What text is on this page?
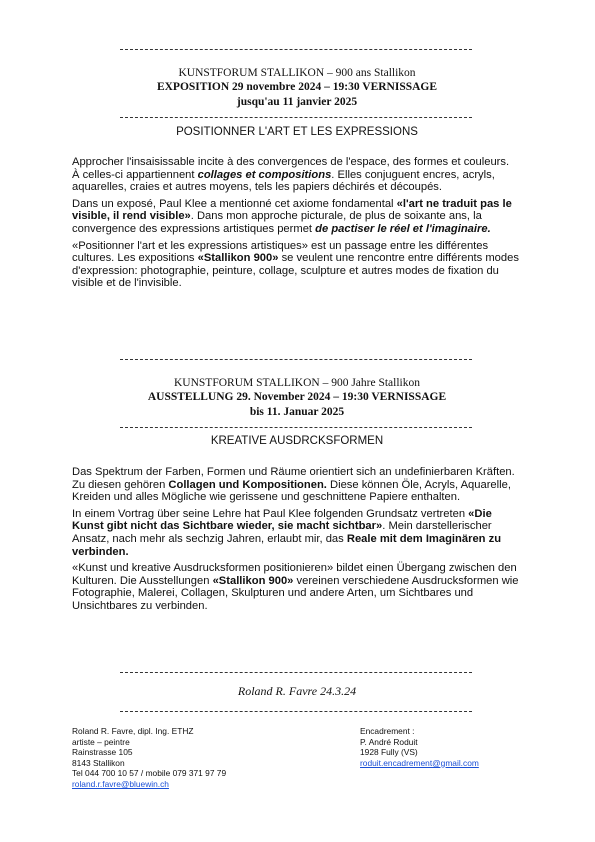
KUNSTFORUM STALLIKON – 900 ans Stallikon
EXPOSITION 29 novembre 2024 – 19:30 VERNISSAGE
jusqu'au 11 janvier 2025
POSITIONNER L'ART ET LES EXPRESSIONS

Approcher l'insaisissable incite à des convergences de l'espace, des formes et couleurs.

À celles-ci appartiennent collages et compositions. Elles conjuguent encres, acryls, aquarelles, craies et autres moyens, tels les papiers déchirés et découpés.

Dans un exposé, Paul Klee a mentionné cet axiome fondamental «l'art ne traduit pas le visible, il rend visible». Dans mon approche picturale, de plus de soixante ans, la convergence des expressions artistiques permet de pactiser le réel et l'imaginaire.

«Positionner l'art et les expressions artistiques» est un passage entre les différentes cultures. Les expositions «Stallikon 900» se veulent une rencontre entre différents modes d'expression: photographie, peinture, collage, sculpture et autres modes de fixation du visible et de l'invisible.

KUNSTFORUM STALLIKON – 900 Jahre Stallikon
AUSSTELLUNG 29. November 2024 – 19:30 VERNISSAGE
bis 11. Januar 2025
KREATIVE AUSDRCKSFORMEN

Das Spektrum der Farben, Formen und Räume orientiert sich an undefinierbaren Kräften.

Zu diesen gehören Collagen und Kompositionen. Diese können Öle, Acryls, Aquarelle, Kreiden und alles Mögliche wie gerissene und geschnittene Papiere enthalten.

In einem Vortrag über seine Lehre hat Paul Klee folgenden Grundsatz vertreten «Die Kunst gibt nicht das Sichtbare wieder, sie macht sichtbar». Mein darstellerischer Ansatz, nach mehr als sechzig Jahren, erlaubt mir, das Reale mit dem Imaginären zu verbinden.

«Kunst und kreative Ausdrucksformen positionieren» bildet einen Übergang zwischen den Kulturen. Die Ausstellungen «Stallikon 900» vereinen verschiedene Ausdrucksformen wie Fotographie, Malerei, Collagen, Skulpturen und andere Arten, um Sichtbares und Unsichtbares zu verbinden.

Roland R. Favre 24.3.24
Roland R. Favre, dipl. Ing. ETHZ
artiste – peintre
Rainstrasse 105
8143 Stallikon
Tel 044 700 10 57 / mobile 079 371 97 79
roland.r.favre@bluewin.ch
Encadrement :
P. André Roduit
1928 Fully (VS)
roduit.encadrement@gmail.com
